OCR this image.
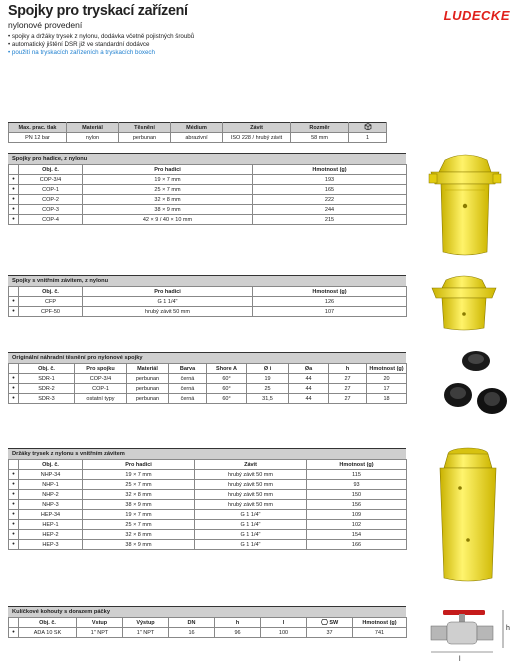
Spojky pro tryskací zařízení
nylonové provedení
• spojky a držáky trysek z nylonu, dodávka včetně pojistných šroubů
• automatický jištění DSR již ve standardní dodávce
• použití na tryskacích zařízeních a tryskacích boxech
LUDECKE
Max. prac. tlak	Materiál	Těsnění	Médium	Závit	Rozměr	
PN 12 bar	nylon	perbunan	abrazivní	ISO 228 / hrubý závit	58 mm	1
Spojky pro hadice, z nylonu
	Obj. č.	Pro hadici	Hmotnost (g)
•	COP-3/4	19 × 7 mm	193
•	COP-1	25 × 7 mm	165
•	COP-2	32 × 8 mm	222
•	COP-3	38 × 9 mm	244
•	COP-4	42 × 9 / 40 × 10 mm	215
Spojky s vnitřním závitem, z nylonu
	Obj. č.	Pro hadici	Hmotnost (g)
•	CFP	G 1 1/4"	126
•	CPF-50	hrubý závit 50 mm	107
Originální náhradní těsnění pro nylonové spojky
	Obj. č.	Pro spojku	Materiál	Barva	Shore A	Ø i	Øa	h	Hmotnost (g)
•	SDR-1	COP-3/4	perbunan	černá	60°	19	44	27	20
•	SDR-2	COP-1	perbunan	černá	60°	25	44	27	17
•	SDR-3	ostatní typy	perbunan	černá	60°	31,5	44	27	18
Držáky trysek z nylonu s vnitřním závitem
	Obj. č.	Pro hadici	Závit	Hmotnost (g)
•	NHP-34	19 × 7 mm	hrubý závit 50 mm	115
•	NHP-1	25 × 7 mm	hrubý závit 50 mm	93
•	NHP-2	32 × 8 mm	hrubý závit 50 mm	150
•	NHP-3	38 × 9 mm	hrubý závit 50 mm	156
•	HEP-34	19 × 7 mm	G 1 1/4"	109
•	HEP-1	25 × 7 mm	G 1 1/4"	102
•	HEP-2	32 × 8 mm	G 1 1/4"	154
•	HEP-3	38 × 9 mm	G 1 1/4"	166
Kulíčkové kohouty s dorazem páčky
	Obj. č.	Vstup	Výstup	DN	h	l	SW	Hmotnost (g)
•	ADA 10 SK	1" NPT	1" NPT	16	96	100	37	741
h
l
